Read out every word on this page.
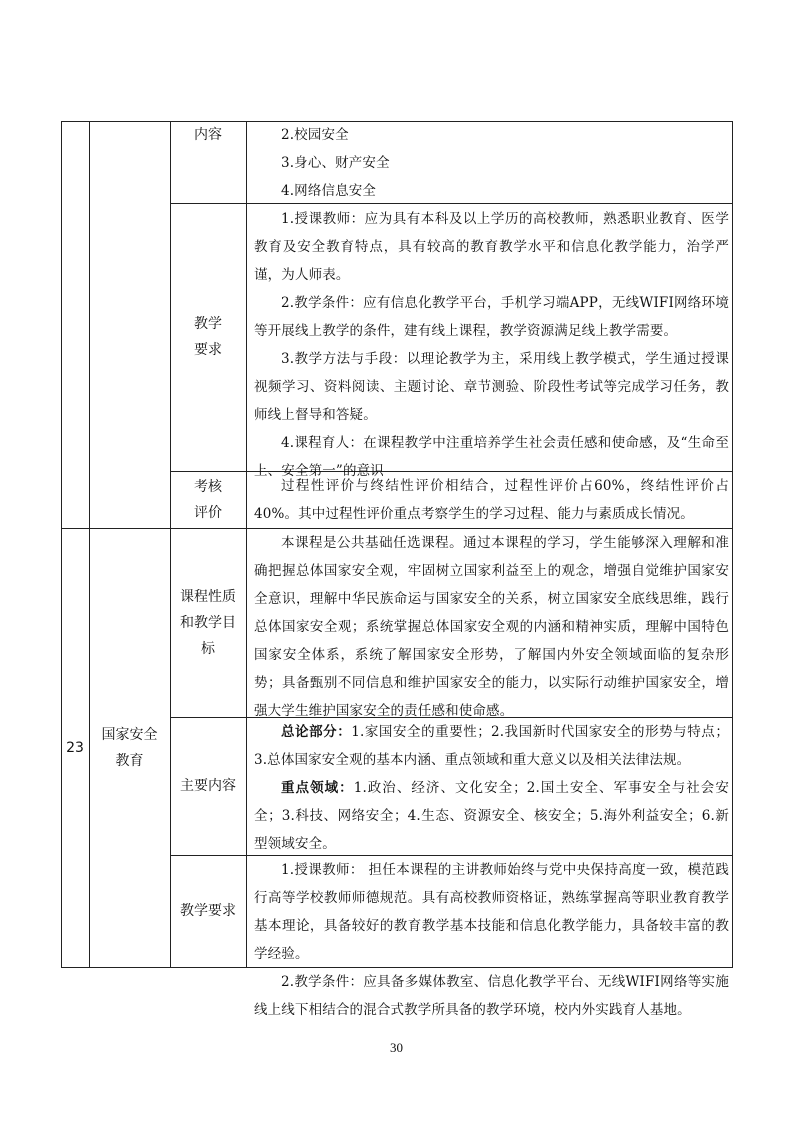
内容	2.校园安全

3.身心、财产安全

4.网络信息安全

教学
要求

1.授课教师：应为具有本科及以上学历的高校教师，熟悉职业教育、医学教育及安全教育特点，具有较高的教育教学水平和信息化教学能力，治学严谨，为人师表。

2.教学条件：应有信息化教学平台，手机学习端APP，无线WIFI网络环境等开展线上教学的条件，建有线上课程，教学资源满足线上教学需要。

3.教学方法与手段：以理论教学为主，采用线上教学模式，学生通过授课视频学习、资料阅读、主题讨论、章节测验、阶段性考试等完成学习任务，教师线上督导和答疑。

4.课程育人：在课程教学中注重培养学生社会责任感和使命感，及“生命至上、安全第一”的意识

考核
评价

过程性评价与终结性评价相结合，过程性评价占60%，终结性评价占40%。其中过程性评价重点考察学生的学习过程、能力与素质成长情况。

23
国家安全
教育
课程性质
和教学目
标

本课程是公共基础任选课程。通过本课程的学习，学生能够深入理解和准确把握总体国家安全观，牢固树立国家利益至上的观念，增强自觉维护国家安全意识，理解中华民族命运与国家安全的关系，树立国家安全底线思维，践行总体国家安全观；系统掌握总体国家安全观的内涵和精神实质，理解中国特色国家安全体系，系统了解国家安全形势，了解国内外安全领域面临的复杂形势；具备甄别不同信息和维护国家安全的能力，以实际行动维护国家安全，增强大学生维护国家安全的责任感和使命感。

主要内容

总论部分：1.家国安全的重要性；2.我国新时代国家安全的形势与特点；3.总体国家安全观的基本内涵、重点领域和重大意义以及相关法律法规。

重点领域：1.政治、经济、文化安全；2.国土安全、军事安全与社会安全；3.科技、网络安全；4.生态、资源安全、核安全；5.海外利益安全；6.新型领域安全。

教学要求

1.授课教师： 担任本课程的主讲教师始终与党中央保持高度一致，模范践行高等学校教师师德规范。具有高校教师资格证，熟练掌握高等职业教育教学基本理论，具备较好的教育教学基本技能和信息化教学能力，具备较丰富的教学经验。

2.教学条件：应具备多媒体教室、信息化教学平台、无线WIFI网络等实施线上线下相结合的混合式教学所具备的教学环境，校内外实践育人基地。

30
